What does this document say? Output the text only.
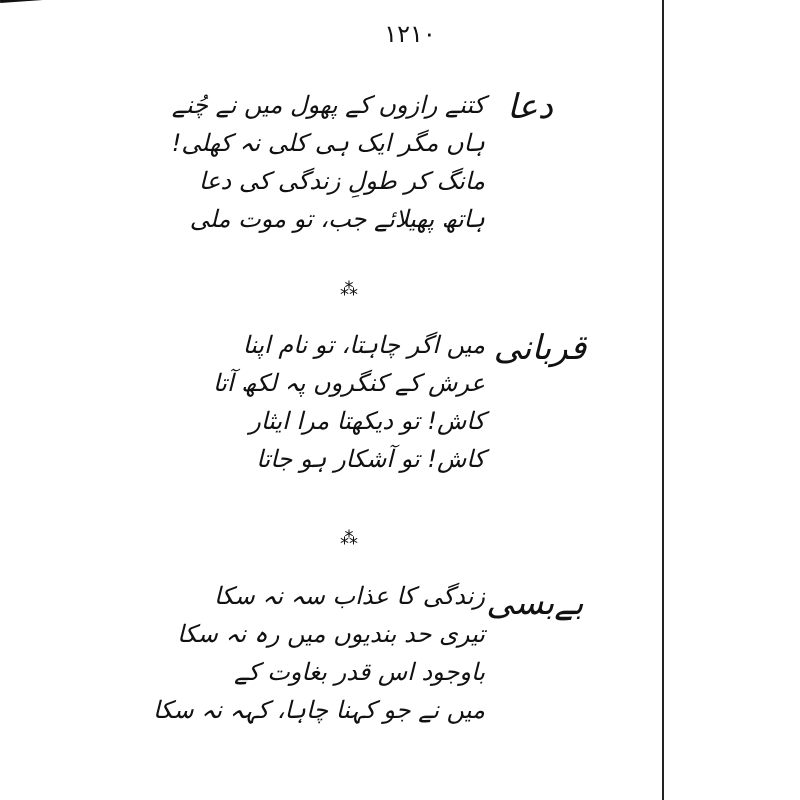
۱۲۱۰
دعا
کتنے رازوں کے پھول میں نے چُنے
ہاں مگر ایک ہی کلی نہ کھلی!
مانگ کر طولِ زندگی کی دعا
ہاتھ پھیلائے جب، تو موت ملی
⁂
قربانی
میں اگر چاہتا، تو نام اپنا
عرش کے کنگروں پہ لکھ آتا
کاش! تو دیکھتا مرا ایثار
کاش! تو آشکار ہو جاتا
⁂
بےبسی
زندگی کا عذاب سہ نہ سکا
تیری حد بندیوں میں رہ نہ سکا
باوجود اس قدر بغاوت کے
میں نے جو کہنا چاہا، کہہ نہ سکا
